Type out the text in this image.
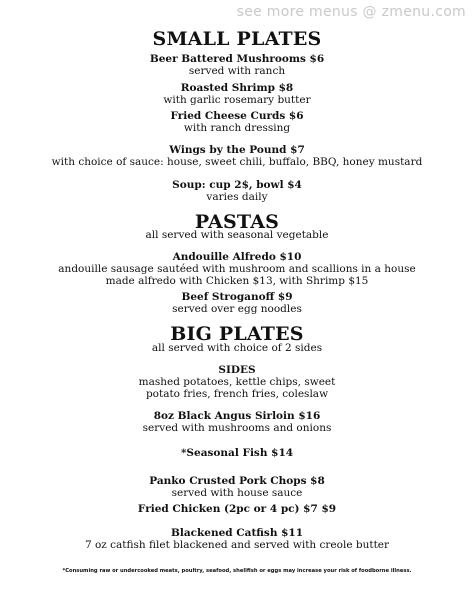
see more menus @ zmenu.com
SMALL PLATES
Beer Battered Mushrooms $6
served with ranch
Roasted Shrimp $8
with garlic rosemary butter
Fried Cheese Curds $6
with ranch dressing
Wings by the Pound $7
with choice of sauce: house, sweet chili, buffalo, BBQ, honey mustard
Soup: cup 2$, bowl $4
varies daily
PASTAS
all served with seasonal vegetable
Andouille Alfredo $10
andouille sausage sautéed with mushroom and scallions in a house
made alfredo with Chicken $13, with Shrimp $15
Beef Stroganoff $9
served over egg noodles
BIG PLATES
all served with choice of 2 sides
SIDES
mashed potatoes, kettle chips, sweet
potato fries, french fries, coleslaw
8oz Black Angus Sirloin $16
served with mushrooms and onions
*Seasonal Fish $14
Panko Crusted Pork Chops $8
served with house sauce
Fried Chicken (2pc or 4 pc) $7 $9
Blackened Catfish $11
7 oz catfish filet blackened and served with creole butter
*Consuming raw or undercooked meats, poultry, seafood, shellfish or eggs may increase your risk of foodborne illness.
